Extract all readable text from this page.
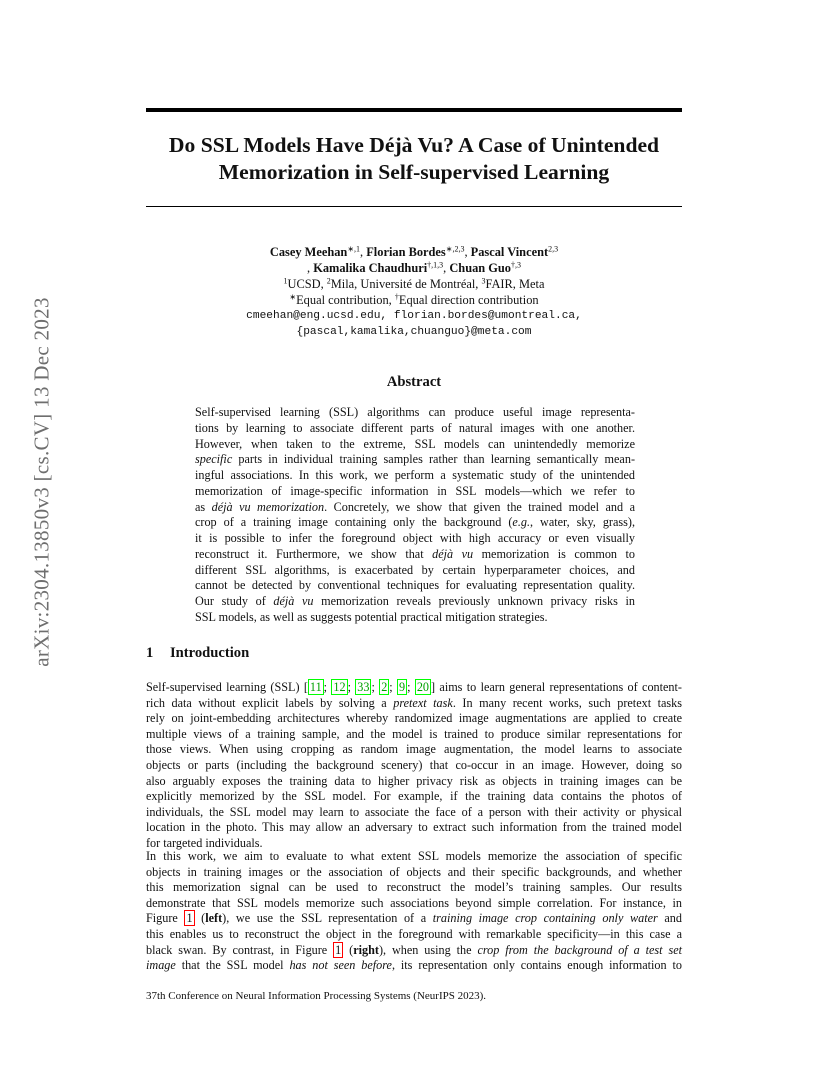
arXiv:2304.13850v3 [cs.CV] 13 Dec 2023
Do SSL Models Have Déjà Vu? A Case of Unintended
Memorization in Self-supervised Learning
Casey Meehan$^{∗,1}$, Florian Bordes$^{∗,2,3}$, Pascal Vincent$^{2,3}$
, Kamalika Chaudhuri$^{\dagger,1,3}$, Chuan Guo$^{\dagger,3}$
$^1$UCSD, $^2$Mila, Université de Montréal, $^3$FAIR, Meta
∗Equal contribution, †Equal direction contribution
cmeehan@eng.ucsd.edu, florian.bordes@umontreal.ca,
{pascal,kamalika,chuanguo}@meta.com
Abstract
Self-supervised learning (SSL) algorithms can produce useful image representa-
tions by learning to associate different parts of natural images with one another.
However, when taken to the extreme, SSL models can unintendedly memorize
specific parts in individual training samples rather than learning semantically mean-
ingful associations. In this work, we perform a systematic study of the unintended
memorization of image-specific information in SSL models—which we refer to
as déjà vu memorization. Concretely, we show that given the trained model and a
crop of a training image containing only the background (e.g., water, sky, grass),
it is possible to infer the foreground object with high accuracy or even visually
reconstruct it. Furthermore, we show that déjà vu memorization is common to
different SSL algorithms, is exacerbated by certain hyperparameter choices, and
cannot be detected by conventional techniques for evaluating representation quality.
Our study of déjà vu memorization reveals previously unknown privacy risks in
SSL models, as well as suggests potential practical mitigation strategies.
1 Introduction
Self-supervised learning (SSL) [ 11 ; 12 ; 33 ; 2 ; 9 ; 20 ] aims to learn general representations of content-
rich data without explicit labels by solving a pretext task. In many recent works, such pretext tasks
rely on joint-embedding architectures whereby randomized image augmentations are applied to create
multiple views of a training sample, and the model is trained to produce similar representations for
those views. When using cropping as random image augmentation, the model learns to associate
objects or parts (including the background scenery) that co-occur in an image. However, doing so
also arguably exposes the training data to higher privacy risk as objects in training images can be
explicitly memorized by the SSL model. For example, if the training data contains the photos of
individuals, the SSL model may learn to associate the face of a person with their activity or physical
location in the photo. This may allow an adversary to extract such information from the trained model
for targeted individuals.
In this work, we aim to evaluate to what extent SSL models memorize the association of specific
objects in training images or the association of objects and their specific backgrounds, and whether
this memorization signal can be used to reconstruct the model’s training samples. Our results
demonstrate that SSL models memorize such associations beyond simple correlation. For instance, in
Figure 1 (left), we use the SSL representation of a training image crop containing only water and
this enables us to reconstruct the object in the foreground with remarkable specificity—in this case a
black swan. By contrast, in Figure 1 (right), when using the crop from the background of a test set
image that the SSL model has not seen before, its representation only contains enough information to
37th Conference on Neural Information Processing Systems (NeurIPS 2023).
